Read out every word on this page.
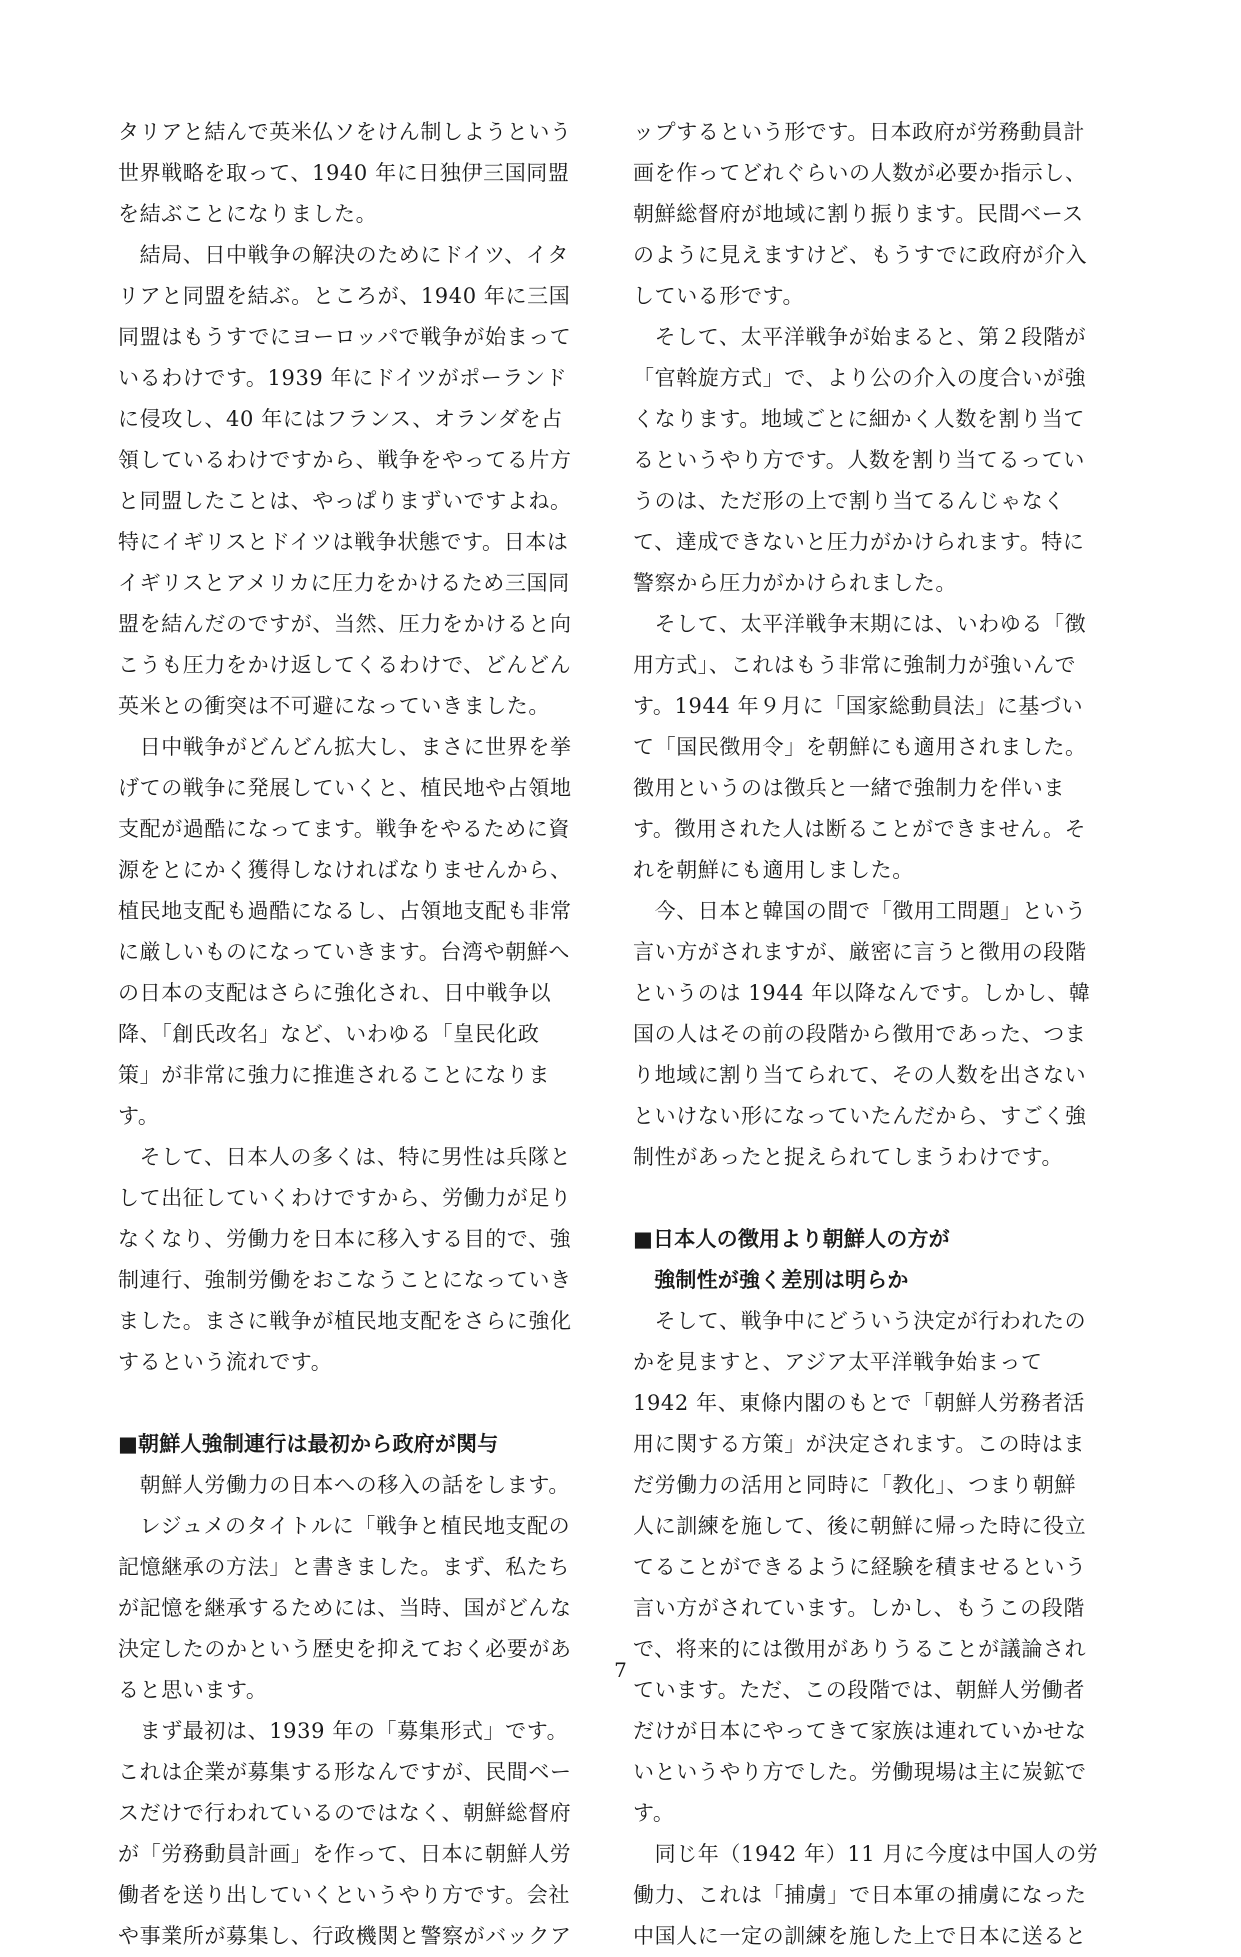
タリアと結んで英米仏ソをけん制しようという
世界戦略を取って、1940 年に日独伊三国同盟
を結ぶことになりました。
　結局、日中戦争の解決のためにドイツ、イタ
リアと同盟を結ぶ。ところが、1940 年に三国
同盟はもうすでにヨーロッパで戦争が始まって
いるわけです。1939 年にドイツがポーランド
に侵攻し、40 年にはフランス、オランダを占
領しているわけですから、戦争をやってる片方
と同盟したことは、やっぱりまずいですよね。
特にイギリスとドイツは戦争状態です。日本は
イギリスとアメリカに圧力をかけるため三国同
盟を結んだのですが、当然、圧力をかけると向
こうも圧力をかけ返してくるわけで、どんどん
英米との衝突は不可避になっていきました。
　日中戦争がどんどん拡大し、まさに世界を挙
げての戦争に発展していくと、植民地や占領地
支配が過酷になってます。戦争をやるために資
源をとにかく獲得しなければなりませんから、
植民地支配も過酷になるし、占領地支配も非常
に厳しいものになっていきます。台湾や朝鮮へ
の日本の支配はさらに強化され、日中戦争以
降、「創氏改名」など、いわゆる「皇民化政
策」が非常に強力に推進されることになりま
す。
　そして、日本人の多くは、特に男性は兵隊と
して出征していくわけですから、労働力が足り
なくなり、労働力を日本に移入する目的で、強
制連行、強制労働をおこなうことになっていき
ました。まさに戦争が植民地支配をさらに強化
するという流れです。
■朝鮮人強制連行は最初から政府が関与
　朝鮮人労働力の日本への移入の話をします。
　レジュメのタイトルに「戦争と植民地支配の
記憶継承の方法」と書きました。まず、私たち
が記憶を継承するためには、当時、国がどんな
決定したのかという歴史を抑えておく必要があ
ると思います。
　まず最初は、1939 年の「募集形式」です。
これは企業が募集する形なんですが、民間ベー
スだけで行われているのではなく、朝鮮総督府
が「労務動員計画」を作って、日本に朝鮮人労
働者を送り出していくというやり方です。会社
や事業所が募集し、行政機関と警察がバックア
ップするという形です。日本政府が労務動員計
画を作ってどれぐらいの人数が必要か指示し、
朝鮮総督府が地域に割り振ります。民間ベース
のように見えますけど、もうすでに政府が介入
している形です。
　そして、太平洋戦争が始まると、第２段階が
「官斡旋方式」で、より公の介入の度合いが強
くなります。地域ごとに細かく人数を割り当て
るというやり方です。人数を割り当てるってい
うのは、ただ形の上で割り当てるんじゃなく
て、達成できないと圧力がかけられます。特に
警察から圧力がかけられました。
　そして、太平洋戦争末期には、いわゆる「徴
用方式」、これはもう非常に強制力が強いんで
す。1944 年９月に「国家総動員法」に基づい
て「国民徴用令」を朝鮮にも適用されました。
徴用というのは徴兵と一緒で強制力を伴いま
す。徴用された人は断ることができません。そ
れを朝鮮にも適用しました。
　今、日本と韓国の間で「徴用工問題」という
言い方がされますが、厳密に言うと徴用の段階
というのは 1944 年以降なんです。しかし、韓
国の人はその前の段階から徴用であった、つま
り地域に割り当てられて、その人数を出さない
といけない形になっていたんだから、すごく強
制性があったと捉えられてしまうわけです。
■日本人の徴用より朝鮮人の方が
　強制性が強く差別は明らか
　そして、戦争中にどういう決定が行われたの
かを見ますと、アジア太平洋戦争始まって
1942 年、東條内閣のもとで「朝鮮人労務者活
用に関する方策」が決定されます。この時はま
だ労働力の活用と同時に「教化」、つまり朝鮮
人に訓練を施して、後に朝鮮に帰った時に役立
てることができるように経験を積ませるという
言い方がされています。しかし、もうこの段階
で、将来的には徴用がありうることが議論され
ています。ただ、この段階では、朝鮮人労働者
だけが日本にやってきて家族は連れていかせな
いというやり方でした。労働現場は主に炭鉱で
す。
　同じ年（1942 年）11 月に今度は中国人の労
働力、これは「捕虜」で日本軍の捕虜になった
中国人に一定の訓練を施した上で日本に送ると
7
